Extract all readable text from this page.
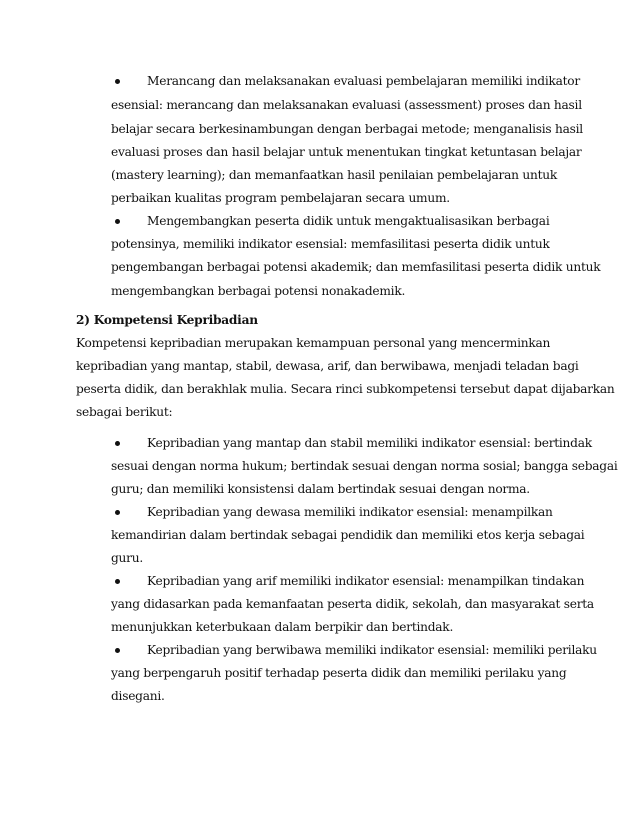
Merancang dan melaksanakan evaluasi pembelajaran memiliki indikator
esensial: merancang dan melaksanakan evaluasi (assessment) proses dan hasil
belajar secara berkesinambungan dengan berbagai metode; menganalisis hasil
evaluasi proses dan hasil belajar untuk menentukan tingkat ketuntasan belajar
(mastery learning); dan memanfaatkan hasil penilaian pembelajaran untuk
perbaikan kualitas program pembelajaran secara umum.
Mengembangkan peserta didik untuk mengaktualisasikan berbagai
potensinya, memiliki indikator esensial: memfasilitasi peserta didik untuk
pengembangan berbagai potensi akademik; dan memfasilitasi peserta didik untuk
mengembangkan berbagai potensi nonakademik.
2) Kompetensi Kepribadian
Kompetensi kepribadian merupakan kemampuan personal yang mencerminkan
kepribadian yang mantap, stabil, dewasa, arif, dan berwibawa, menjadi teladan bagi
peserta didik, dan berakhlak mulia. Secara rinci subkompetensi tersebut dapat dijabarkan
sebagai berikut:
Kepribadian yang mantap dan stabil memiliki indikator esensial: bertindak
sesuai dengan norma hukum; bertindak sesuai dengan norma sosial; bangga sebagai
guru; dan memiliki konsistensi dalam bertindak sesuai dengan norma.
Kepribadian yang dewasa memiliki indikator esensial: menampilkan
kemandirian dalam bertindak sebagai pendidik dan memiliki etos kerja sebagai
guru.
Kepribadian yang arif memiliki indikator esensial: menampilkan tindakan
yang didasarkan pada kemanfaatan peserta didik, sekolah, dan masyarakat serta
menunjukkan keterbukaan dalam berpikir dan bertindak.
Kepribadian yang berwibawa memiliki indikator esensial: memiliki perilaku
yang berpengaruh positif terhadap peserta didik dan memiliki perilaku yang
disegani.
